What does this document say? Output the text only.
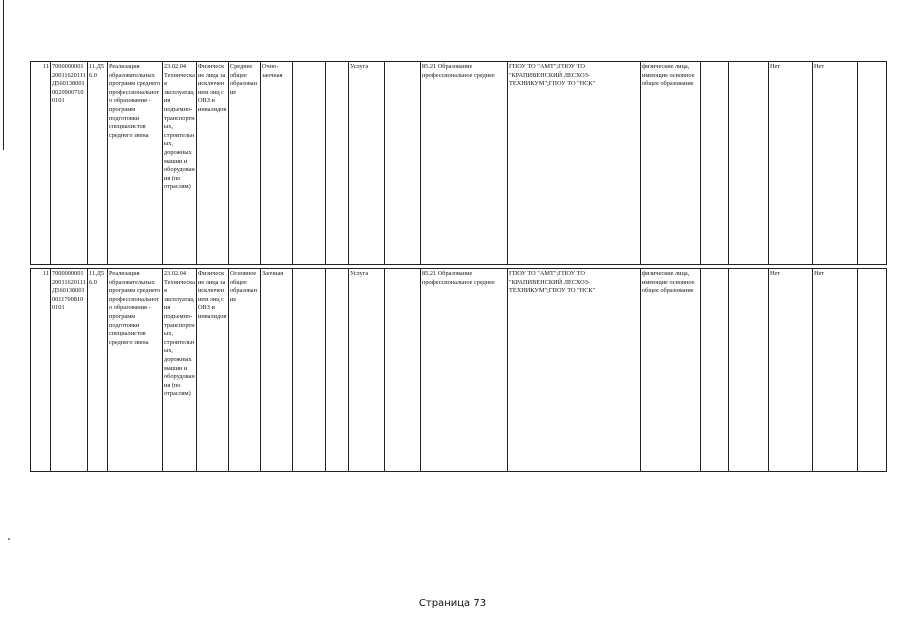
11	700000000120011620111Д56013800100209007100101	11.Д56.0	Реализация образовательных программ среднего профессионального образования - программ подготовки специалистов среднего звена	23.02.04 Техническая эксплуатация подъемно-транспортных, строительных, дорожных машин и оборудования (по отраслям)	Физические лица за исключением лиц с ОВЗ и инвалидов	Среднее общее образование	Очно-заочная			Услуга		85.21 Образование профессиональное среднее	ГПОУ ТО "АМТ";ГПОУ ТО "КРАПИВЕНСКИЙ ЛЕСХОЗ-ТЕХНИКУМ";ГПОУ ТО "НСК"	физические лица, имеющие основное общее образование			Нет	Нет	

11	700000000120011620111Д56013800100117008100101	11.Д56.0	Реализация образовательных программ среднего профессионального образования - программ подготовки специалистов среднего звена	23.02.04 Техническая эксплуатация подъемно-транспортных, строительных, дорожных машин и оборудования (по отраслям)	Физические лица за исключением лиц с ОВЗ и инвалидов	Основное общее образование	Заочная			Услуга		85.21 Образование профессиональное среднее	ГПОУ ТО "АМТ";ГПОУ ТО "КРАПИВЕНСКИЙ ЛЕСХОЗ-ТЕХНИКУМ";ГПОУ ТО "НСК"	физические лица, имеющие основное общее образование			Нет	Нет	
Страница 73
